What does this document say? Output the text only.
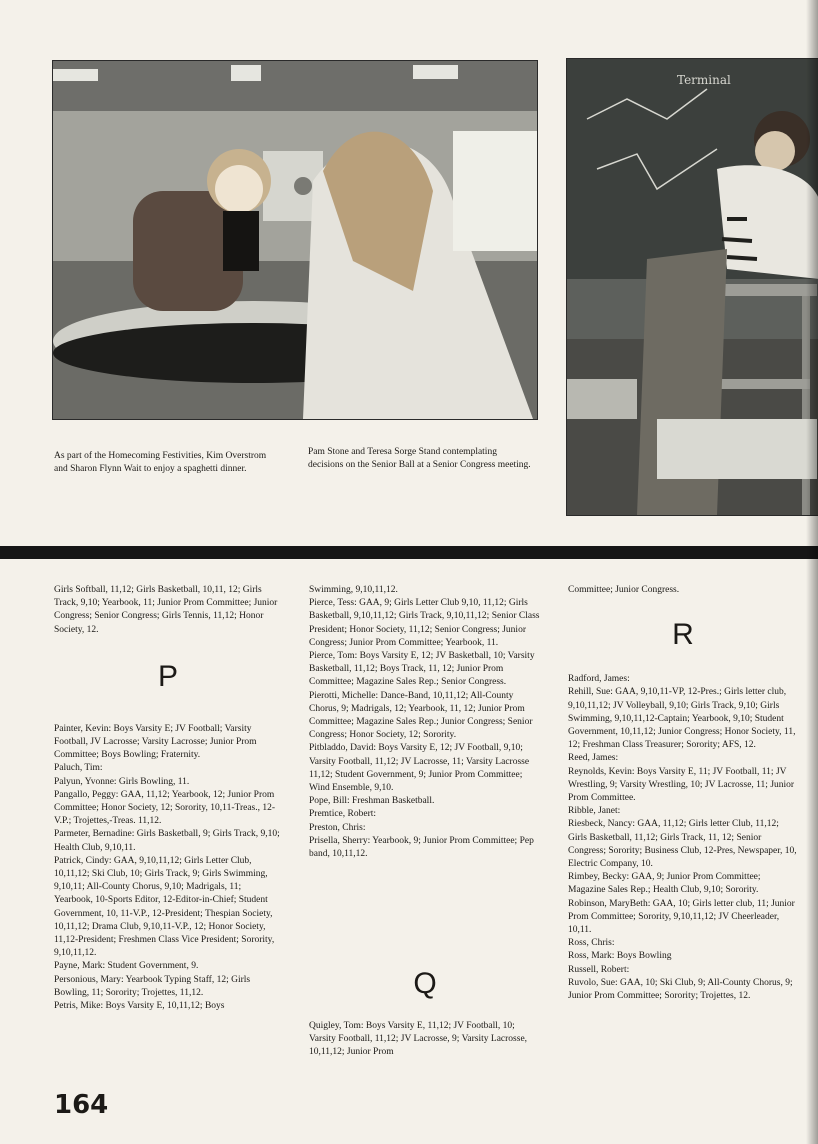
Terminal
As part of the Homecoming Festivities, Kim Overstrom and Sharon Flynn Wait to enjoy a spaghetti dinner.
Pam Stone and Teresa Sorge Stand contemplating decisions on the Senior Ball at a Senior Congress meeting.

Girls Softball, 11,12; Girls Basketball, 10,11, 12; Girls Track, 9,10; Yearbook, 11; Junior Prom Committee; Junior Congress; Senior Congress; Girls Tennis, 11,12; Honor Society, 12.

P

Painter, Kevin: Boys Varsity E; JV Football; Varsity Football, JV Lacrosse; Varsity Lacrosse; Junior Prom Committee; Boys Bowling; Fraternity.

Paluch, Tim:

Palyun, Yvonne: Girls Bowling, 11.

Pangallo, Peggy: GAA, 11,12; Yearbook, 12; Junior Prom Committee; Honor Society, 12; Sorority, 10,11-Treas., 12-V.P.; Trojettes,-Treas. 11,12.

Parmeter, Bernadine: Girls Basketball, 9; Girls Track, 9,10; Health Club, 9,10,11.

Patrick, Cindy: GAA, 9,10,11,12; Girls Letter Club, 10,11,12; Ski Club, 10; Girls Track, 9; Girls Swimming, 9,10,11; All-County Chorus, 9,10; Madrigals, 11; Yearbook, 10-Sports Editor, 12-Editor-in-Chief; Student Government, 10, 11-V.P., 12-President; Thespian Society, 10,11,12; Drama Club, 9,10,11-V.P., 12; Honor Society, 11,12-President; Freshmen Class Vice President; Sorority, 9,10,11,12.

Payne, Mark: Student Government, 9.

Personious, Mary: Yearbook Typing Staff, 12; Girls Bowling, 11; Sorority; Trojettes, 11,12.

Petris, Mike: Boys Varsity E, 10,11,12; Boys

Swimming, 9,10,11,12.

Pierce, Tess: GAA, 9; Girls Letter Club 9,10, 11,12; Girls Basketball, 9,10,11,12; Girls Track, 9,10,11,12; Senior Class President; Honor Society, 11,12; Senior Congress; Junior Congress; Junior Prom Committee; Yearbook, 11.

Pierce, Tom: Boys Varsity E, 12; JV Basketball, 10; Varsity Basketball, 11,12; Boys Track, 11, 12; Junior Prom Committee; Magazine Sales Rep.; Senior Congress.

Pierotti, Michelle: Dance-Band, 10,11,12; All-County Chorus, 9; Madrigals, 12; Yearbook, 11, 12; Junior Prom Committee; Magazine Sales Rep.; Junior Congress; Senior Congress; Honor Society, 12; Sorority.

Pitbladdo, David: Boys Varsity E, 12; JV Football, 9,10; Varsity Football, 11,12; JV Lacrosse, 11; Varsity Lacrosse 11,12; Student Government, 9; Junior Prom Committee; Wind Ensemble, 9,10.

Pope, Bill: Freshman Basketball.

Premtice, Robert:

Preston, Chris:

Prisella, Sherry: Yearbook, 9; Junior Prom Committee; Pep band, 10,11,12.

Q

Quigley, Tom: Boys Varsity E, 11,12; JV Football, 10; Varsity Football, 11,12; JV Lacrosse, 9; Varsity Lacrosse, 10,11,12; Junior Prom

Committee; Junior Congress.

R

Radford, James:

Rehill, Sue: GAA, 9,10,11-VP, 12-Pres.; Girls letter club, 9,10,11,12; JV Volleyball, 9,10; Girls Track, 9,10; Girls Swimming, 9,10,11,12-Captain; Yearbook, 9,10; Student Government, 10,11,12; Junior Congress; Honor Society, 11, 12; Freshman Class Treasurer; Sorority; AFS, 12.

Reed, James:

Reynolds, Kevin: Boys Varsity E, 11; JV Football, 11; JV Wrestling, 9; Varsity Wrestling, 10; JV Lacrosse, 11; Junior Prom Committee.

Ribble, Janet:

Riesbeck, Nancy: GAA, 11,12; Girls letter Club, 11,12; Girls Basketball, 11,12; Girls Track, 11, 12; Senior Congress; Sorority; Business Club, 12-Pres, Newspaper, 10, Electric Company, 10.

Rimbey, Becky: GAA, 9; Junior Prom Committee; Magazine Sales Rep.; Health Club, 9,10; Sorority.

Robinson, MaryBeth: GAA, 10; Girls letter club, 11; Junior Prom Committee; Sorority, 9,10,11,12; JV Cheerleader, 10,11.

Ross, Chris:

Ross, Mark: Boys Bowling

Russell, Robert:

Ruvolo, Sue: GAA, 10; Ski Club, 9; All-County Chorus, 9; Junior Prom Committee; Sorority; Trojettes, 12.

164
